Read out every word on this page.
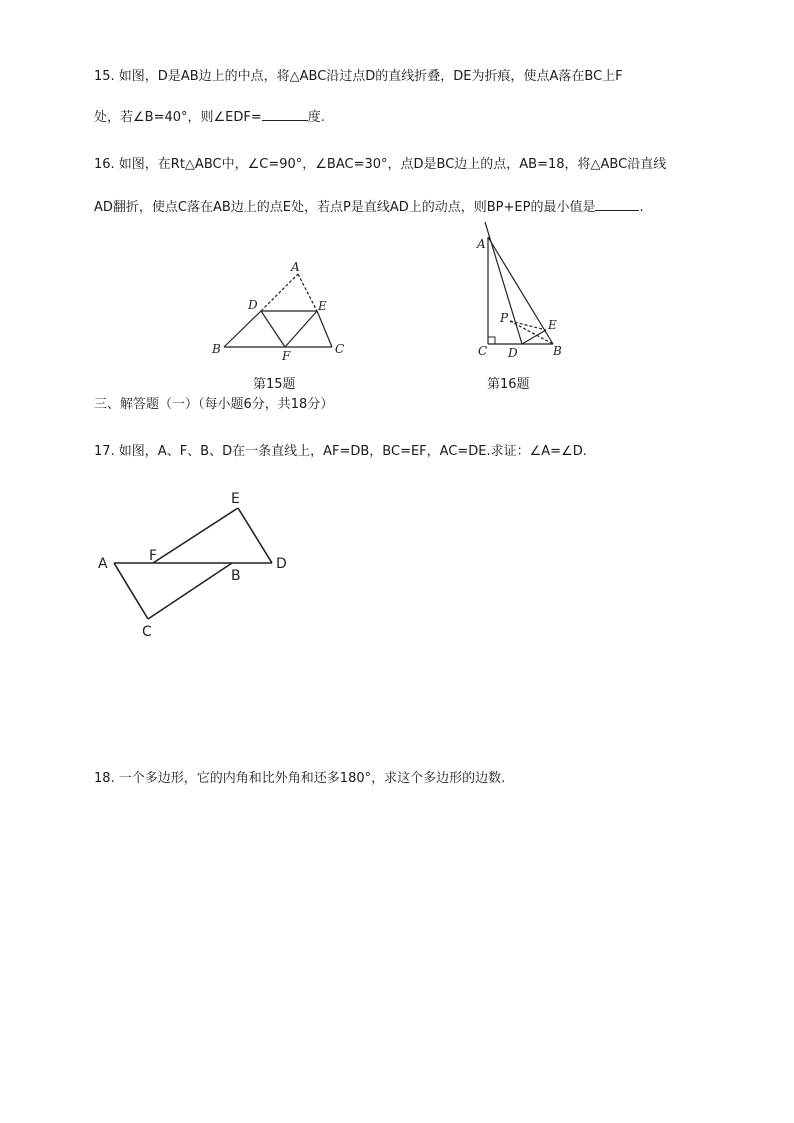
15. 如图，D是AB边上的中点，将△ABC沿过点D的直线折叠，DE为折痕，使点A落在BC上F
处，若∠B=40°，则∠EDF=	度.
16. 如图，在Rt△ABC中，∠C=90°，∠BAC=30°，点D是BC边上的点，AB=18，将△ABC沿直线
AD翻折，使点C落在AB边上的点E处，若点P是直线AD上的动点，则BP+EP的最小值是	.
A
B	C
D	E
F
A
B
C D
E
P
A	F
B
D
E
C
第15题	第16题
三、解答题（一）（每小题6分，共18分）
17. 如图，A、F、B、D在一条直线上，AF=DB，BC=EF，AC=DE.求证：∠A=∠D.
18. 一个多边形，它的内角和比外角和还多180°，求这个多边形的边数.
